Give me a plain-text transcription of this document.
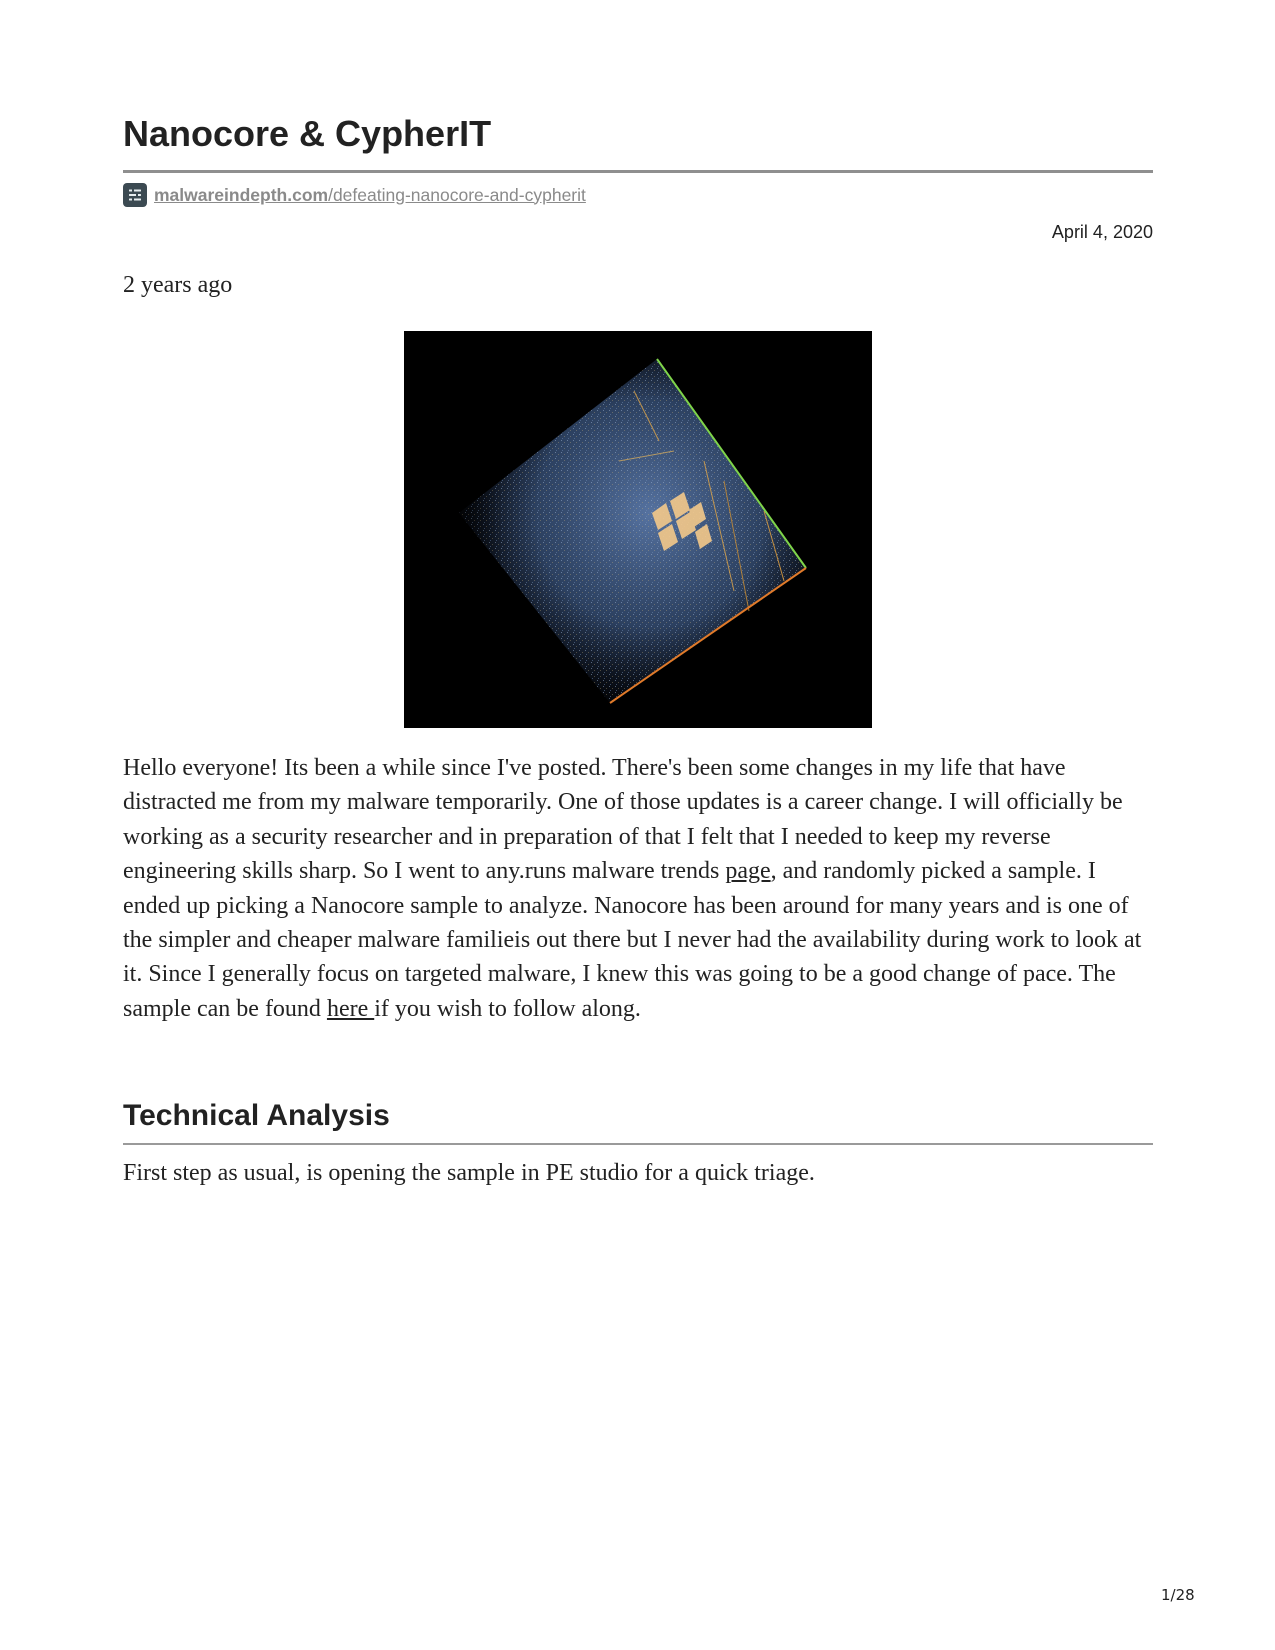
Nanocore & CypherIT
malwareindepth.com/defeating-nanocore-and-cypherit
April 4, 2020
2 years ago

Hello everyone! Its been a while since I've posted. There's been some changes in my life that have distracted me from my malware temporarily. One of those updates is a career change. I will officially be working as a security researcher and in preparation of that I felt that I needed to keep my reverse engineering skills sharp. So I went to any.runs malware trends page, and randomly picked a sample. I ended up picking a Nanocore sample to analyze. Nanocore has been around for many years and is one of the simpler and cheaper malware familieis out there but I never had the availability during work to look at it. Since I generally focus on targeted malware, I knew this was going to be a good change of pace. The sample can be found here if you wish to follow along.

Technical Analysis

First step as usual, is opening the sample in PE studio for a quick triage.

1/28
